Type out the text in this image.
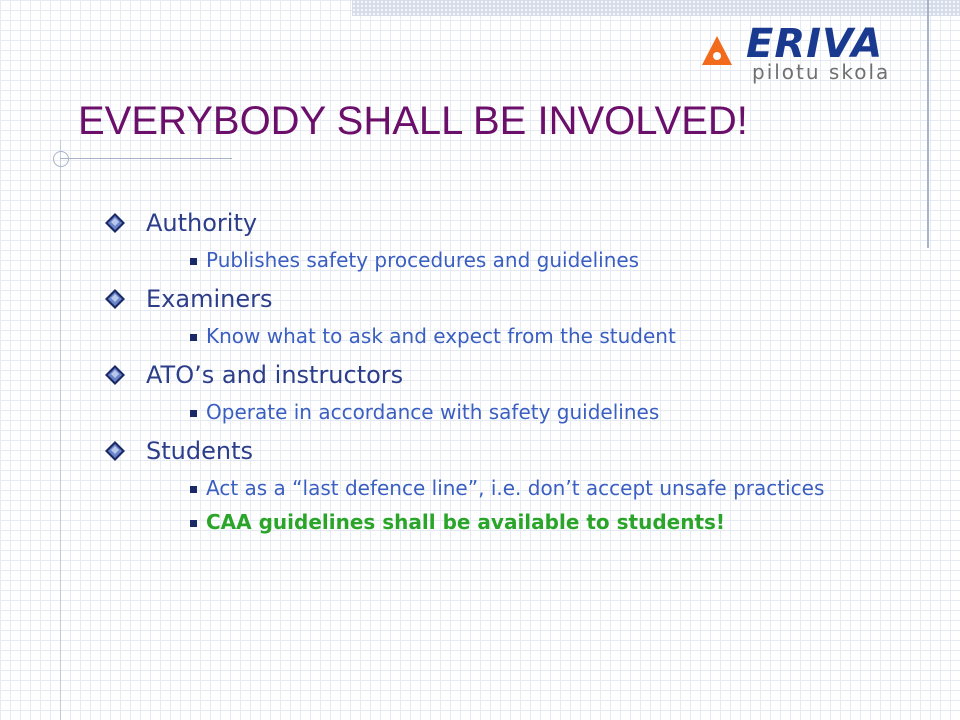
ERIVA
pilotu skola
EVERYBODY SHALL BE INVOLVED!
Authority
Publishes safety procedures and guidelines
Examiners
Know what to ask and expect from the student
ATO’s and instructors
Operate in accordance with safety guidelines
Students
Act as a “last defence line”, i.e. don’t accept unsafe practices
CAA guidelines shall be available to students!
